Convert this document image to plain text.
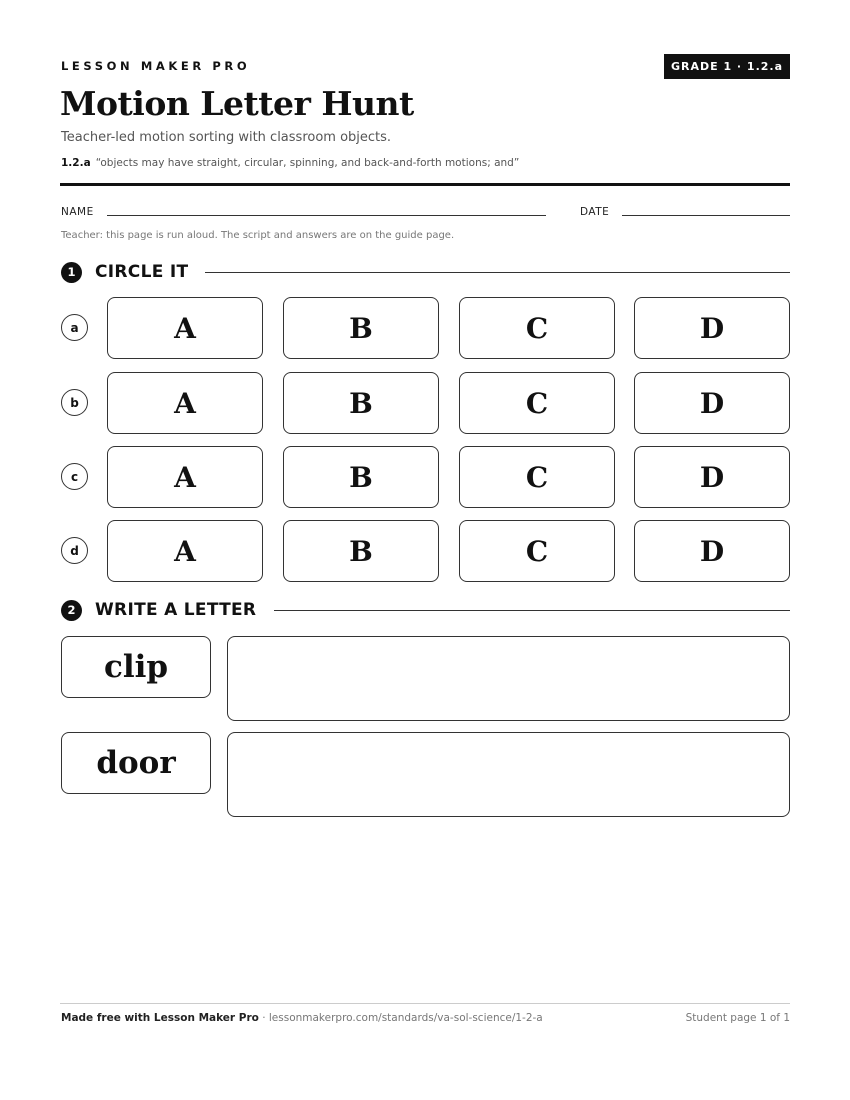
LESSON MAKER PRO	GRADE 1 · 1.2.a
Motion Letter Hunt
Teacher-led motion sorting with classroom objects.
1.2.a “objects may have straight, circular, spinning, and back-and-forth motions; and”
NAME	DATE
Teacher: this page is run aloud. The script and answers are on the guide page.
1	CIRCLE IT
a	A	B	C	D
b	A	B	C	D
c	A	B	C	D
d	A	B	C	D
2	WRITE A LETTER
clip
door
Made free with Lesson Maker Pro · lessonmakerpro.com/standards/va-sol-science/1-2-a	Student page 1 of 1
